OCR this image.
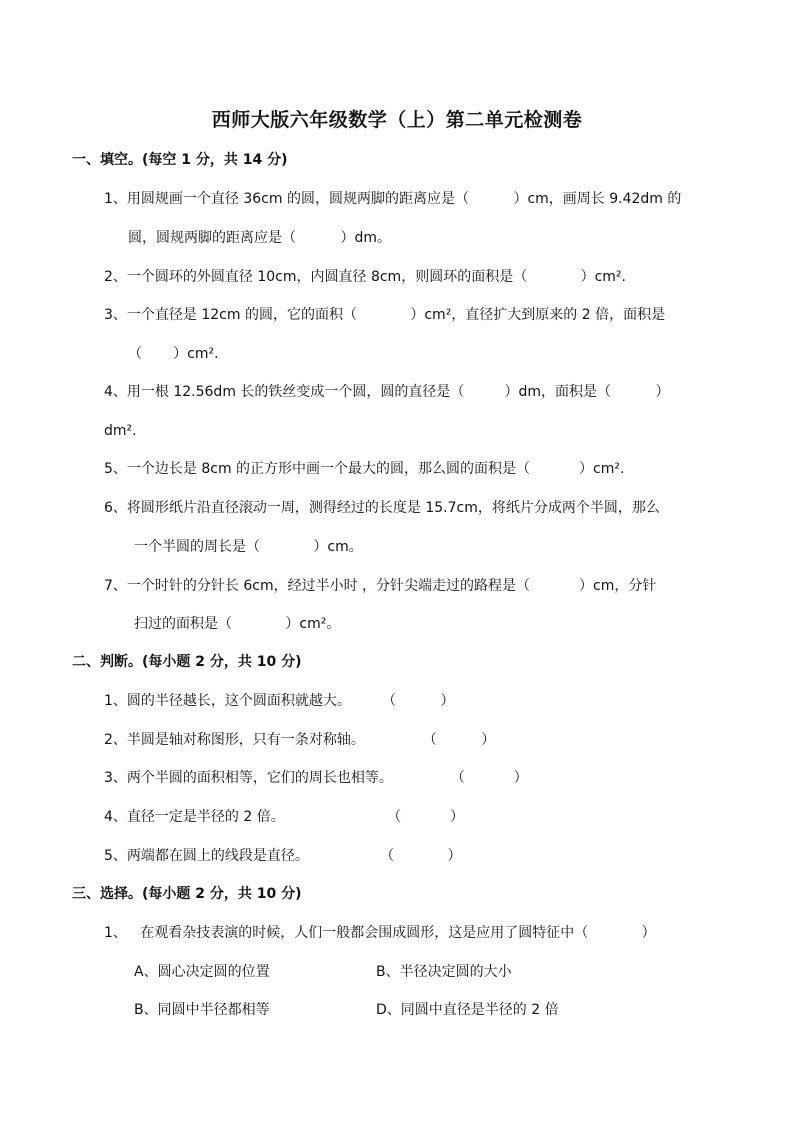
西师大版六年级数学（上）第二单元检测卷
一、填空。(每空 1 分，共 14 分)
1、用圆规画一个直径 36cm 的圆，圆规两脚的距离应是（          ）cm，画周长 9.42dm 的
圆，圆规两脚的距离应是（          ）dm。
2、一个圆环的外圆直径 10cm，内圆直径 8cm，则圆环的面积是（            ）cm².
3、一个直径是 12cm 的圆，它的面积（            ）cm²，直径扩大到原来的 2 倍，面积是
（       ）cm².
4、用一根 12.56dm 长的铁丝变成一个圆，圆的直径是（         ）dm，面积是（          ）
dm².
5、一个边长是 8cm 的正方形中画一个最大的圆，那么圆的面积是（           ）cm².
6、将圆形纸片沿直径滚动一周，测得经过的长度是 15.7cm，将纸片分成两个半圆，那么
一个半圆的周长是（            ）cm。
7、一个时针的分针长 6cm，经过半小时 ，分针尖端走过的路程是（           ）cm，分针
扫过的面积是（            ）cm²。
二、判断。(每小题 2 分，共 10 分)
1、圆的半径越长，这个圆面积就越大。       （          ）
2、半圆是轴对称图形，只有一条对称轴。             （          ）
3、两个半圆的面积相等，它们的周长也相等。             （           ）
4、直径一定是半径的 2 倍。                       （           ）
5、两端都在圆上的线段是直径。                （            ）
三、选择。(每小题 2 分，共 10 分)
1、   在观看杂技表演的时候，人们一般都会围成圆形，这是应用了圆特征中（            ）
A、圆心决定圆的位置	B、半径决定圆的大小
B、同圆中半径都相等	D、同圆中直径是半径的 2 倍
